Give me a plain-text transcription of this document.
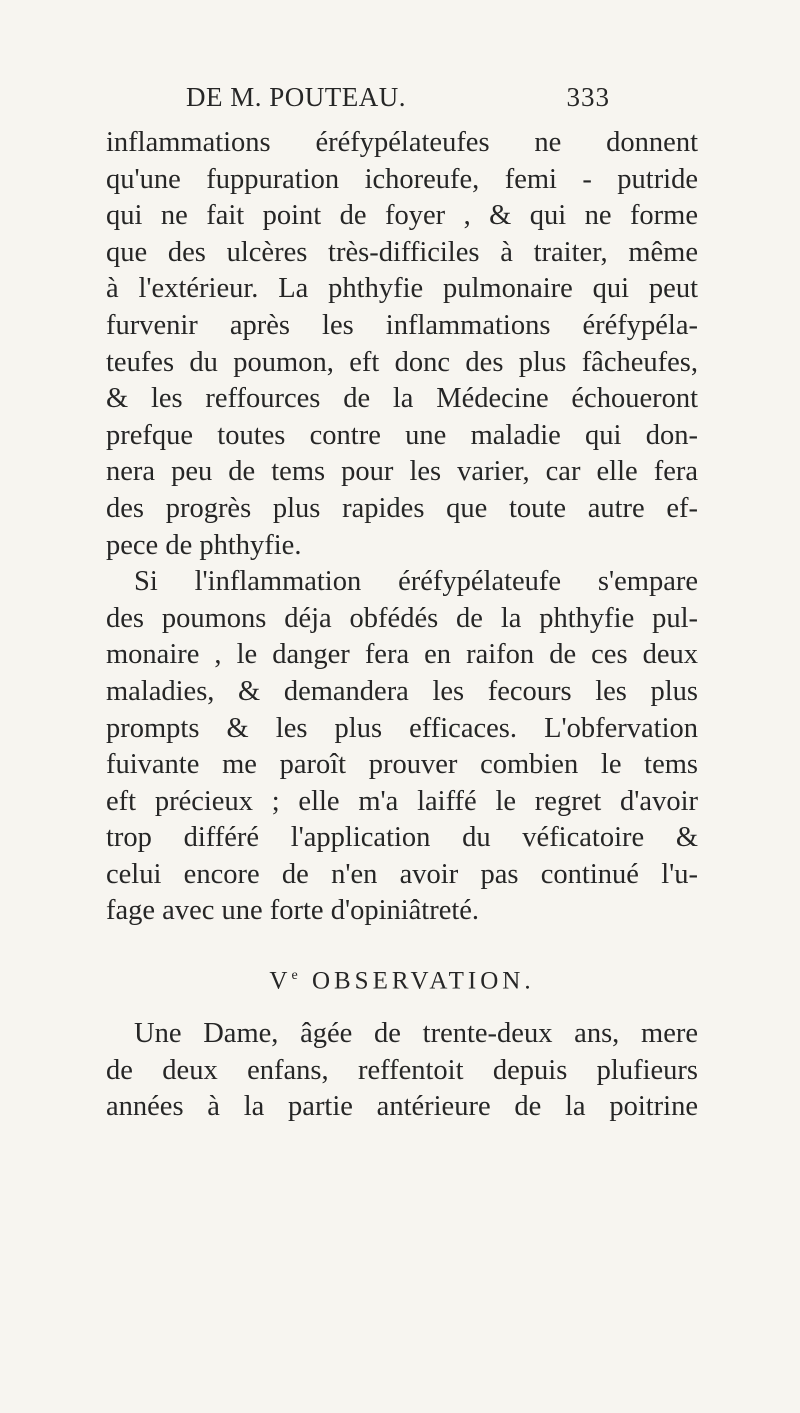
DE M. POUTEAU.	333
inflammations éréfypélateufes ne donnent
qu'une fuppuration ichoreufe, femi - putride
qui ne fait point de foyer , & qui ne forme
que des ulcères très-difficiles à traiter, même
à l'extérieur. La phthyfie pulmonaire qui peut
furvenir après les inflammations éréfypéla-
teufes du poumon, eft donc des plus fâcheufes,
& les reffources de la Médecine échoueront
prefque toutes contre une maladie qui don-
nera peu de tems pour les varier, car elle fera
des progrès plus rapides que toute autre ef-
pece de phthyfie.
Si l'inflammation éréfypélateufe s'empare
des poumons déja obfédés de la phthyfie pul-
monaire , le danger fera en raifon de ces deux
maladies, & demandera les fecours les plus
prompts & les plus efficaces. L'obfervation
fuivante me paroît prouver combien le tems
eft précieux ; elle m'a laiffé le regret d'avoir
trop différé l'application du véficatoire &
celui encore de n'en avoir pas continué l'u-
fage avec une forte d'opiniâtreté.
Ve OBSERVATION.
Une Dame, âgée de trente-deux ans, mere
de deux enfans, reffentoit depuis plufieurs
années à la partie antérieure de la poitrine
